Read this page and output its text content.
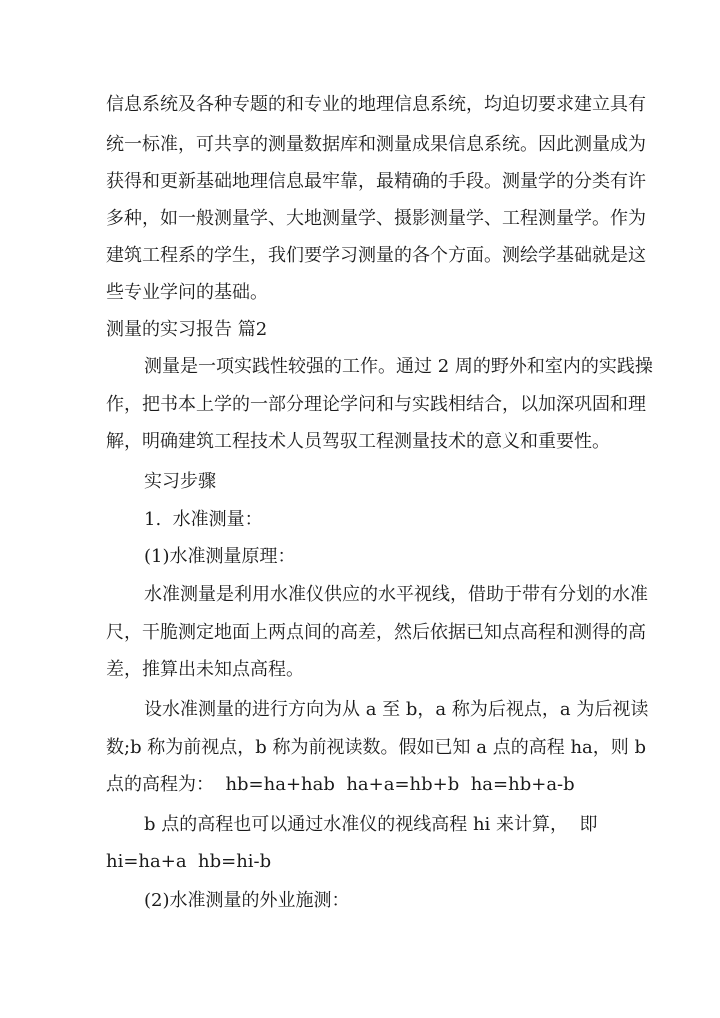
信息系统及各种专题的和专业的地理信息系统，均迫切要求建立具有
统一标准，可共享的测量数据库和测量成果信息系统。因此测量成为
获得和更新基础地理信息最牢靠，最精确的手段。测量学的分类有许
多种，如一般测量学、大地测量学、摄影测量学、工程测量学。作为
建筑工程系的学生，我们要学习测量的各个方面。测绘学基础就是这
些专业学问的基础。
测量的实习报告 篇2
测量是一项实践性较强的工作。通过 2 周的野外和室内的实践操
作，把书本上学的一部分理论学问和与实践相结合，以加深巩固和理
解，明确建筑工程技术人员驾驭工程测量技术的意义和重要性。
实习步骤
1.  水准测量：
(1)水准测量原理：
水准测量是利用水准仪供应的水平视线，借助于带有分划的水准
尺，干脆测定地面上两点间的高差，然后依据已知点高程和测得的高
差，推算出未知点高程。
设水准测量的进行方向为从 a 至 b，a 称为后视点，a 为后视读
数;b 称为前视点，b 称为前视读数。假如已知 a 点的高程 ha，则 b
点的高程为：  hb=ha+hab  ha+a=hb+b  ha=hb+a-b
b 点的高程也可以通过水准仪的视线高程 hi 来计算，  即
hi=ha+a  hb=hi-b
(2)水准测量的外业施测：
